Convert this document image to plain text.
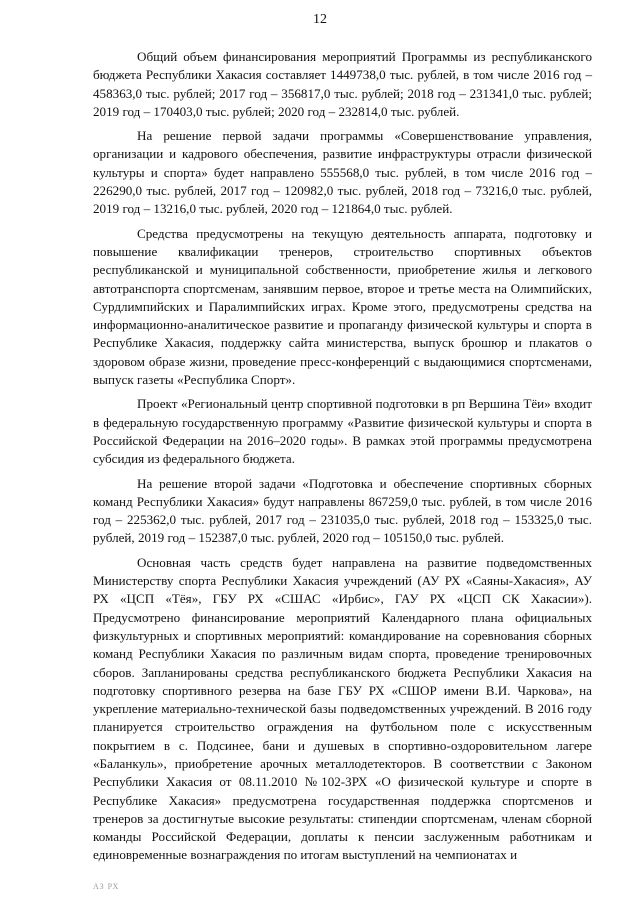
12

Общий объем финансирования мероприятий Программы из республиканского бюджета Республики Хакасия составляет 1449738,0 тыс. рублей, в том числе 2016 год – 458363,0 тыс. рублей; 2017 год – 356817,0 тыс. рублей; 2018 год – 231341,0 тыс. рублей; 2019 год – 170403,0 тыс. рублей; 2020 год – 232814,0 тыс. рублей.

На решение первой задачи программы «Совершенствование управления, организации и кадрового обеспечения, развитие инфраструктуры отрасли физической культуры и спорта» будет направлено 555568,0 тыс. рублей, в том числе 2016 год – 226290,0 тыс. рублей, 2017 год – 120982,0 тыс. рублей, 2018 год – 73216,0 тыс. рублей, 2019 год – 13216,0 тыс. рублей, 2020 год – 121864,0 тыс. рублей.

Средства предусмотрены на текущую деятельность аппарата, подготовку и повышение квалификации тренеров, строительство спортивных объектов республиканской и муниципальной собственности, приобретение жилья и легкового автотранспорта спортсменам, занявшим первое, второе и третье места на Олимпийских, Сурдлимпийских и Паралимпийских играх. Кроме этого, предусмотрены средства на информационно-аналитическое развитие и пропаганду физической культуры и спорта в Республике Хакасия, поддержку сайта министерства, выпуск брошюр и плакатов о здоровом образе жизни, проведение пресс-конференций с выдающимися спортсменами, выпуск газеты «Республика Спорт».

Проект «Региональный центр спортивной подготовки в рп Вершина Тёи» входит в федеральную государственную программу «Развитие физической культуры и спорта в Российской Федерации на 2016–2020 годы». В рамках этой программы предусмотрена субсидия из федерального бюджета.

На решение второй задачи «Подготовка и обеспечение спортивных сборных команд Республики Хакасия» будут направлены 867259,0 тыс. рублей, в том числе 2016 год – 225362,0 тыс. рублей, 2017 год – 231035,0 тыс. рублей, 2018 год – 153325,0 тыс. рублей, 2019 год – 152387,0 тыс. рублей, 2020 год – 105150,0 тыс. рублей.

Основная часть средств будет направлена на развитие подведомственных Министерству спорта Республики Хакасия учреждений (АУ РХ «Саяны-Хакасия», АУ РХ «ЦСП «Тёя», ГБУ РХ «СШАС «Ирбис», ГАУ РХ «ЦСП СК Хакасии»). Предусмотрено финансирование мероприятий Календарного плана официальных физкультурных и спортивных мероприятий: командирование на соревнования сборных команд Республики Хакасия по различным видам спорта, проведение тренировочных сборов. Запланированы средства республиканского бюджета Республики Хакасия на подготовку спортивного резерва на базе ГБУ РХ «СШОР имени В.И. Чаркова», на укрепление материально-технической базы подведомственных учреждений. В 2016 году планируется строительство ограждения на футбольном поле с искусственным покрытием в с. Подсинее, бани и душевых в спортивно-оздоровительном лагере «Баланкуль», приобретение арочных металлодетекторов. В соответствии с Законом Республики Хакасия от 08.11.2010 №102-ЗРХ «О физической культуре и спорте в Республике Хакасия» предусмотрена государственная поддержка спортсменов и тренеров за достигнутые высокие результаты: стипендии спортсменам, членам сборной команды Российской Федерации, доплаты к пенсии заслуженным работникам и единовременные вознаграждения по итогам выступлений на чемпионатах и

АЗ РХ
